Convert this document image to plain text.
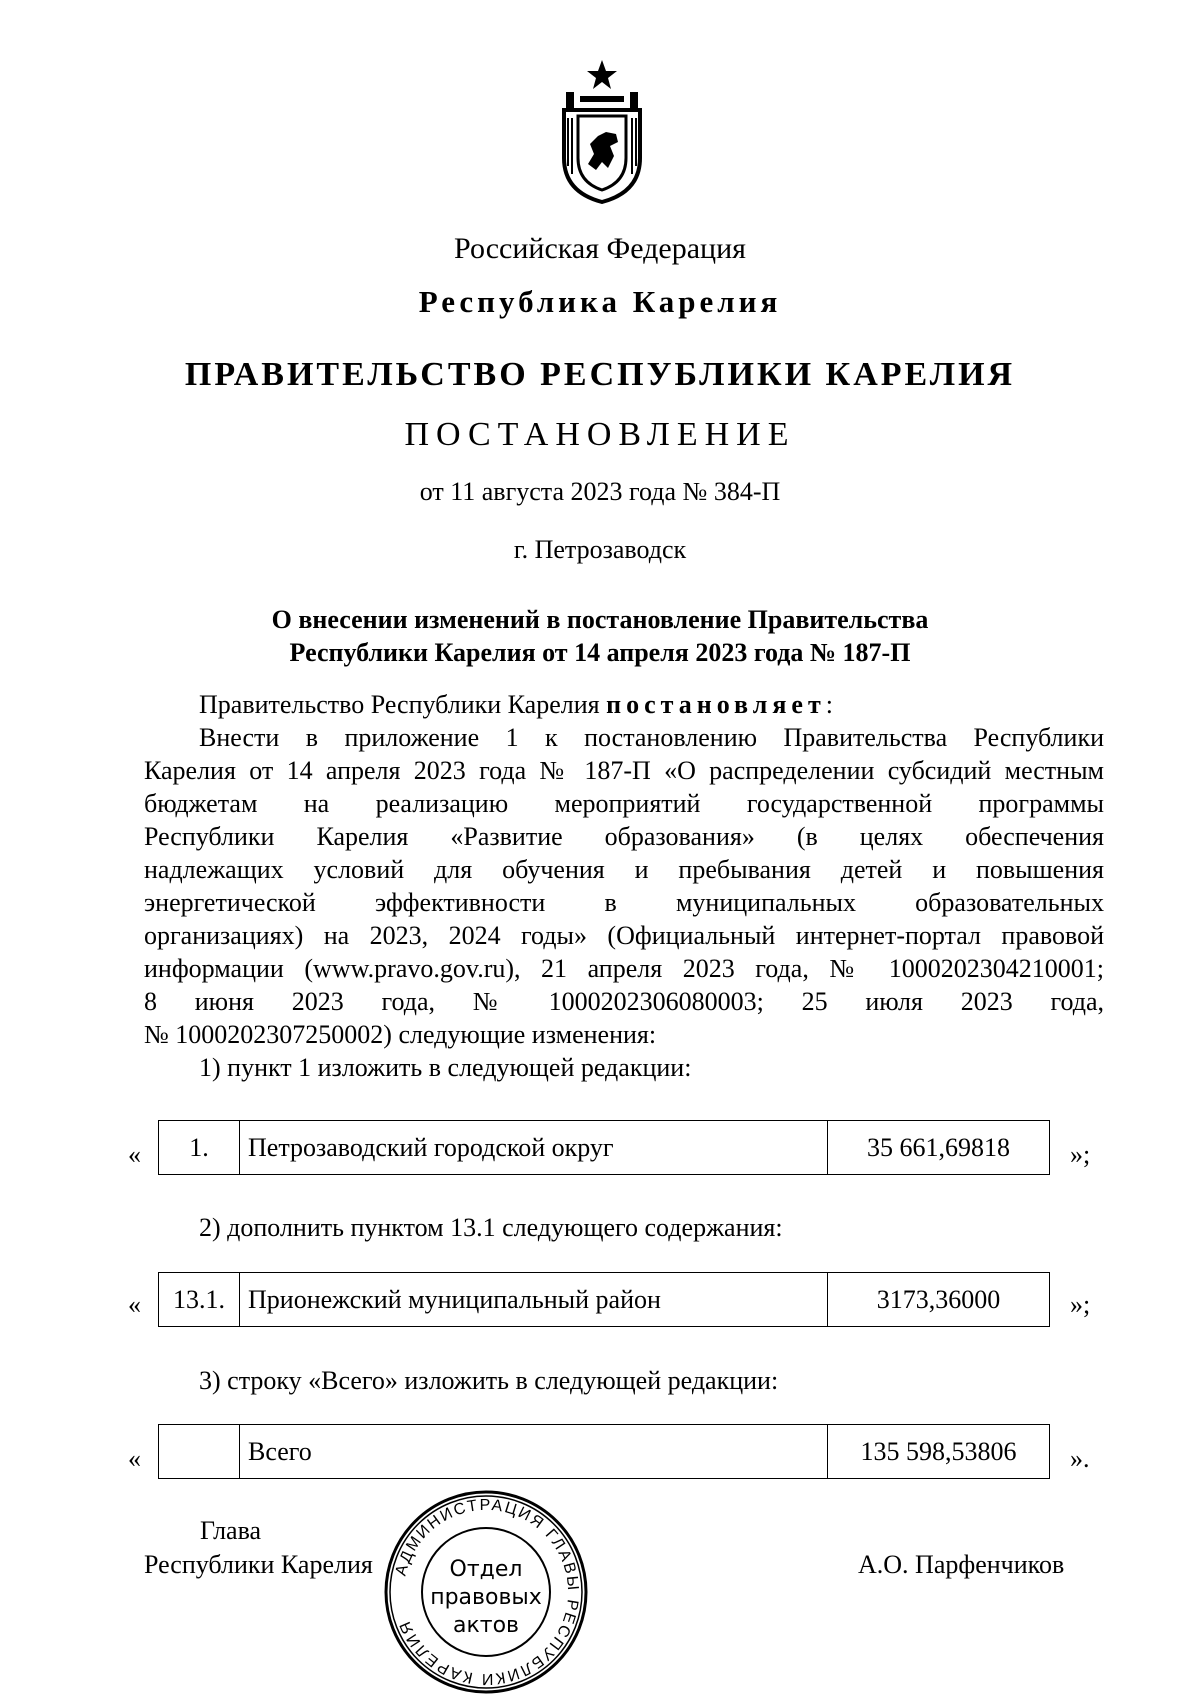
Российская Федерация
Республика Карелия
ПРАВИТЕЛЬСТВО РЕСПУБЛИКИ КАРЕЛИЯ
ПОСТАНОВЛЕНИЕ
от 11 августа 2023 года № 384-П
г. Петрозаводск
О внесении изменений в постановление Правительства
Республики Карелия от 14 апреля 2023 года № 187-П
Правительство Республики Карелия постановляет:
Внести в приложение 1 к постановлению Правительства Республики
Карелия от 14 апреля 2023 года № 187-П «О распределении субсидий местным
бюджетам на реализацию мероприятий государственной программы
Республики Карелия «Развитие образования» (в целях обеспечения
надлежащих условий для обучения и пребывания детей и повышения
энергетической эффективности в муниципальных образовательных
организациях) на 2023, 2024 годы» (Официальный интернет-портал правовой
информации (www.pravo.gov.ru), 21 апреля 2023 года, № 1000202304210001;
8 июня 2023 года, № 1000202306080003; 25 июля 2023 года,
№ 1000202307250002) следующие изменения:
1) пункт 1 изложить в следующей редакции:
« 1.	Петрозаводский городской округ	35 661,69818 »;
2) дополнить пунктом 13.1 следующего содержания:
« 13.1.	Прионежский муниципальный район	3173,36000	»;
3) строку «Всего» изложить в следующей редакции:
«
		Всего	135 598,53806 ».
Глава
Республики Карелия	А.О. Парфенчиков
АДМИНИСТРАЦИЯ ГЛАВЫ РЕСПУБЛИКИ КАРЕЛИЯ
Отдел
правовых
актов
